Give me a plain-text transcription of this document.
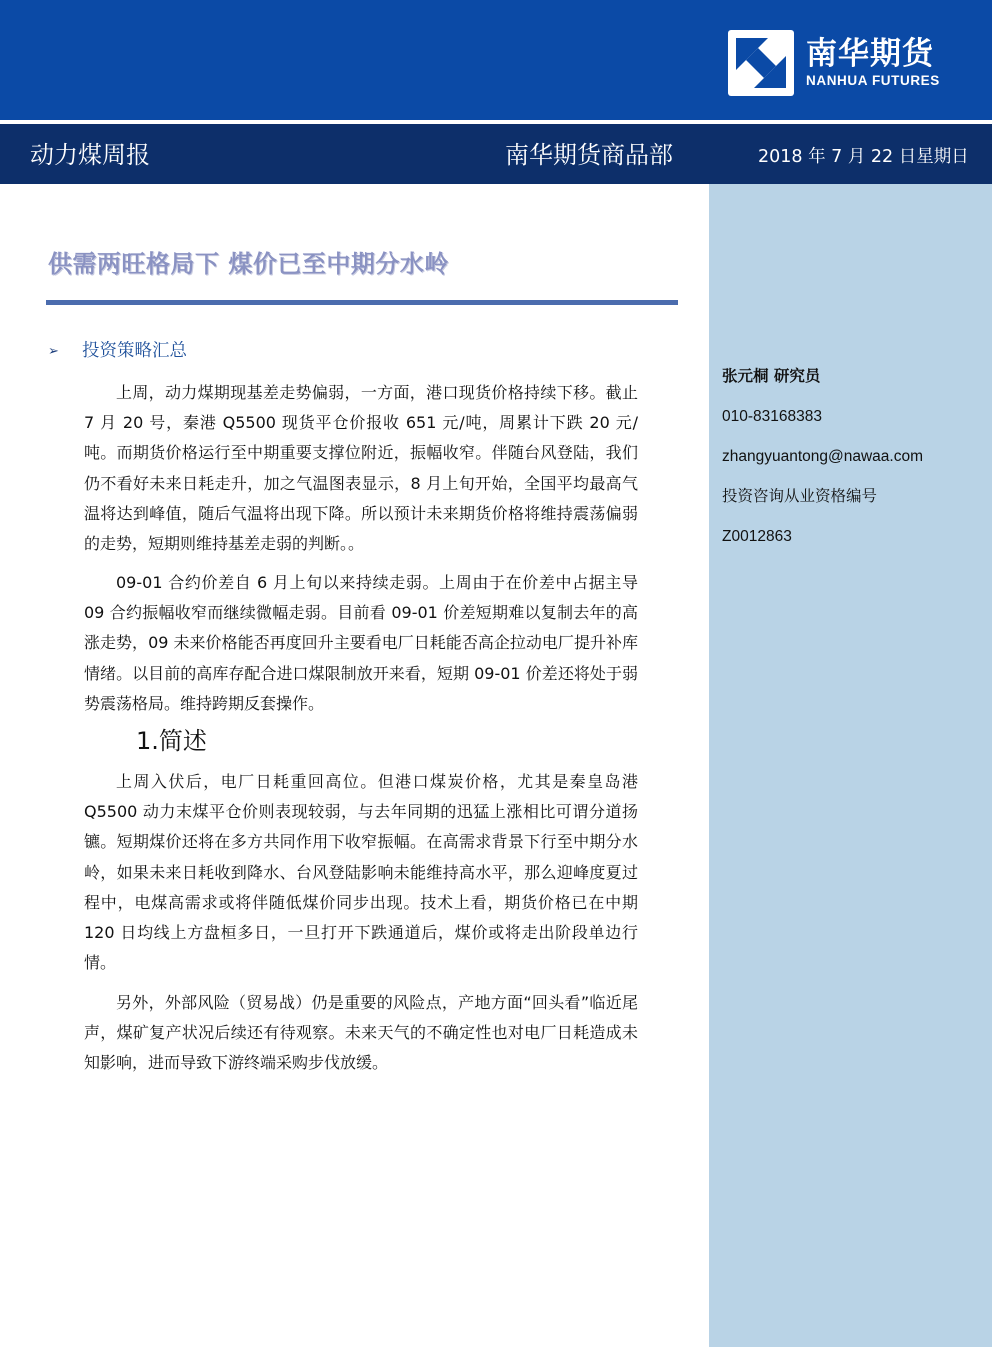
南华期货
NANHUA FUTURES
动力煤周报	南华期货商品部	2018 年 7 月 22 日星期日
张元桐 研究员
010-83168383
zhangyuantong@nawaa.com
投资咨询从业资格编号
Z0012863
供需两旺格局下 煤价已至中期分水岭
➢	投资策略汇总

上周，动力煤期现基差走势偏弱，一方面，港口现货价格持续下移。截止 7 月 20 号，秦港 Q5500 现货平仓价报收 651 元/吨，周累计下跌 20 元/吨。而期货价格运行至中期重要支撑位附近，振幅收窄。伴随台风登陆，我们仍不看好未来日耗走升，加之气温图表显示，8 月上旬开始，全国平均最高气温将达到峰值，随后气温将出现下降。所以预计未来期货价格将维持震荡偏弱的走势，短期则维持基差走弱的判断。。

09-01 合约价差自 6 月上旬以来持续走弱。上周由于在价差中占据主导 09 合约振幅收窄而继续微幅走弱。目前看 09-01 价差短期难以复制去年的高涨走势，09 未来价格能否再度回升主要看电厂日耗能否高企拉动电厂提升补库情绪。以目前的高库存配合进口煤限制放开来看，短期 09-01 价差还将处于弱势震荡格局。维持跨期反套操作。

1.简述

上周入伏后，电厂日耗重回高位。但港口煤炭价格，尤其是秦皇岛港 Q5500 动力末煤平仓价则表现较弱，与去年同期的迅猛上涨相比可谓分道扬镳。短期煤价还将在多方共同作用下收窄振幅。在高需求背景下行至中期分水岭，如果未来日耗收到降水、台风登陆影响未能维持高水平，那么迎峰度夏过程中，电煤高需求或将伴随低煤价同步出现。技术上看，期货价格已在中期 120 日均线上方盘桓多日，一旦打开下跌通道后，煤价或将走出阶段单边行情。

另外，外部风险（贸易战）仍是重要的风险点，产地方面“回头看”临近尾声，煤矿复产状况后续还有待观察。未来天气的不确定性也对电厂日耗造成未知影响，进而导致下游终端采购步伐放缓。
